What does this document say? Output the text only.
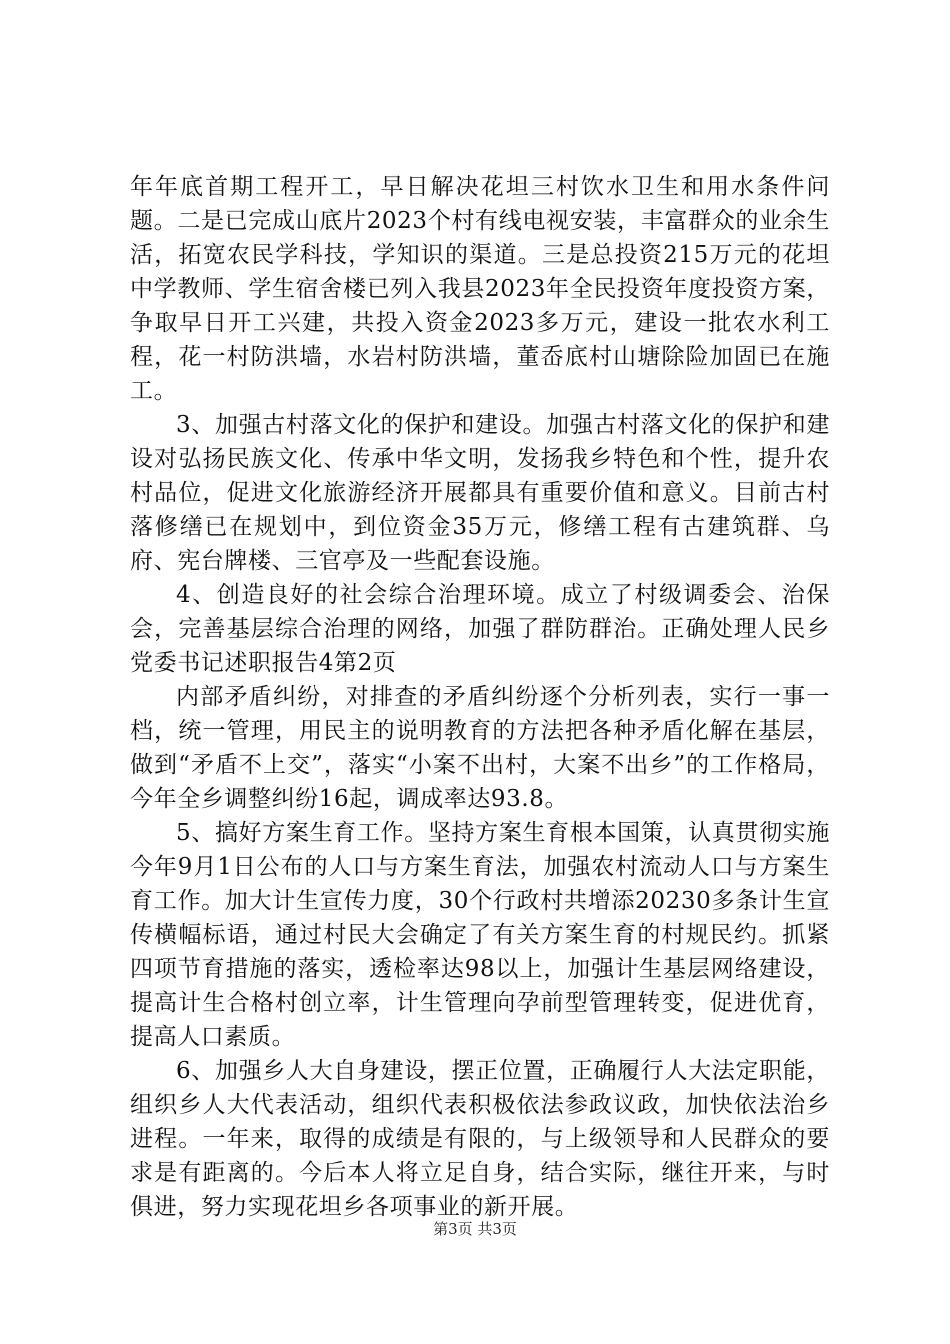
年年底首期工程开工，早日解决花坦三村饮水卫生和用水条件问题。二是已完成山底片2023个村有线电视安装，丰富群众的业余生活，拓宽农民学科技，学知识的渠道。三是总投资215万元的花坦中学教师、学生宿舍楼已列入我县2023年全民投资年度投资方案，争取早日开工兴建，共投入资金2023多万元，建设一批农水利工程，花一村防洪墙，水岩村防洪墙，董岙底村山塘除险加固已在施工。

3、加强古村落文化的保护和建设。加强古村落文化的保护和建设对弘扬民族文化、传承中华文明，发扬我乡特色和个性，提升农村品位，促进文化旅游经济开展都具有重要价值和意义。目前古村落修缮已在规划中，到位资金35万元，修缮工程有古建筑群、乌府、宪台牌楼、三官亭及一些配套设施。

4、创造良好的社会综合治理环境。成立了村级调委会、治保会，完善基层综合治理的网络，加强了群防群治。正确处理人民乡党委书记述职报告4第2页

内部矛盾纠纷，对排查的矛盾纠纷逐个分析列表，实行一事一档，统一管理，用民主的说明教育的方法把各种矛盾化解在基层，做到“矛盾不上交”，落实“小案不出村，大案不出乡”的工作格局，今年全乡调整纠纷16起，调成率达93.8。

5、搞好方案生育工作。坚持方案生育根本国策，认真贯彻实施今年9月1日公布的人口与方案生育法，加强农村流动人口与方案生育工作。加大计生宣传力度，30个行政村共增添20230多条计生宣传横幅标语，通过村民大会确定了有关方案生育的村规民约。抓紧四项节育措施的落实，透检率达98以上，加强计生基层网络建设，提高计生合格村创立率，计生管理向孕前型管理转变，促进优育，提高人口素质。

6、加强乡人大自身建设，摆正位置，正确履行人大法定职能，组织乡人大代表活动，组织代表积极依法参政议政，加快依法治乡进程。一年来，取得的成绩是有限的，与上级领导和人民群众的要求是有距离的。今后本人将立足自身，结合实际，继往开来，与时俱进，努力实现花坦乡各项事业的新开展。

第3页 共3页
